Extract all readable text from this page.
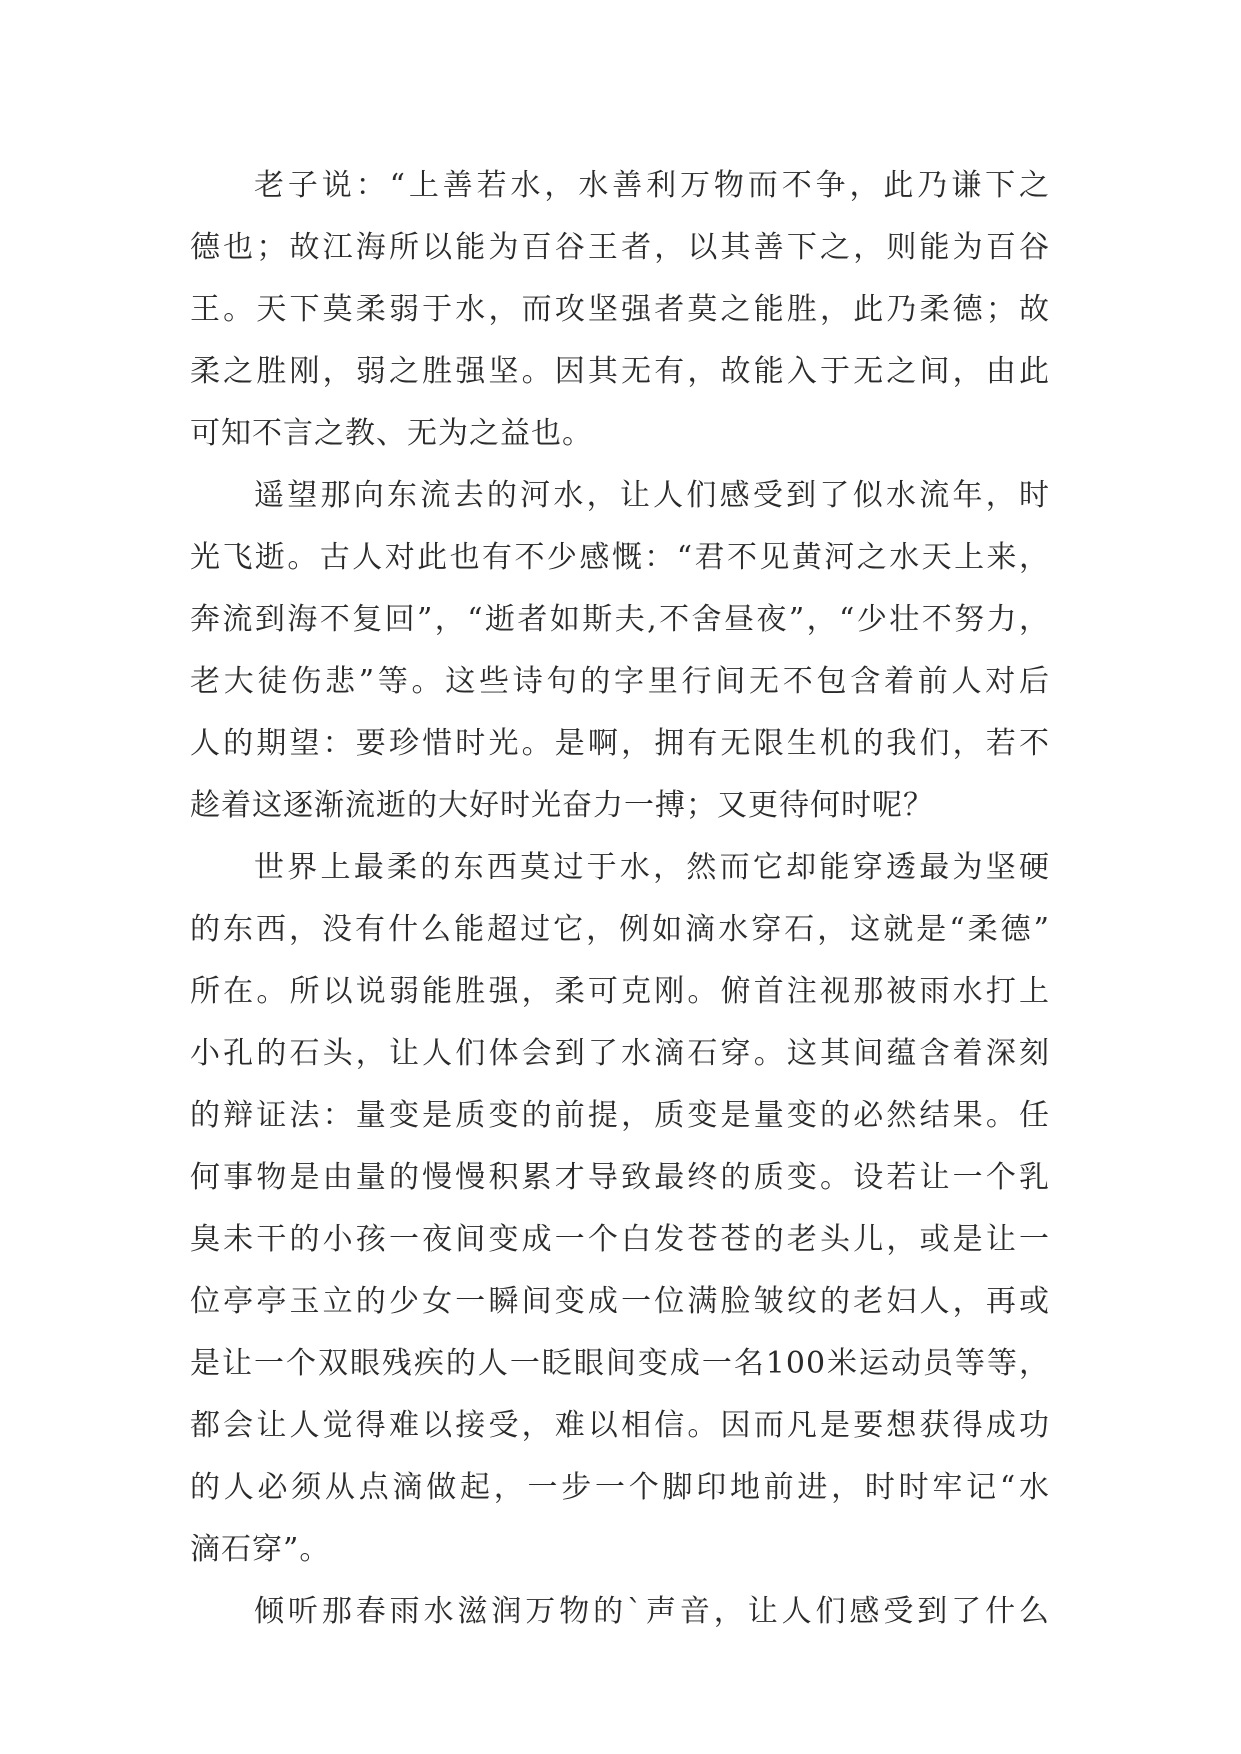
老子说：“上善若水，水善利万物而不争，此乃谦下之
德也；故江海所以能为百谷王者，以其善下之，则能为百谷
王。天下莫柔弱于水，而攻坚强者莫之能胜，此乃柔德；故
柔之胜刚，弱之胜强坚。因其无有，故能入于无之间，由此
可知不言之教、无为之益也。
遥望那向东流去的河水，让人们感受到了似水流年，时
光飞逝。古人对此也有不少感慨：“君不见黄河之水天上来，
奔流到海不复回”，“逝者如斯夫,不舍昼夜”，“少壮不努力，
老大徒伤悲”等。这些诗句的字里行间无不包含着前人对后
人的期望：要珍惜时光。是啊，拥有无限生机的我们，若不
趁着这逐渐流逝的大好时光奋力一搏；又更待何时呢？
世界上最柔的东西莫过于水，然而它却能穿透最为坚硬
的东西，没有什么能超过它，例如滴水穿石，这就是“柔德”
所在。所以说弱能胜强，柔可克刚。俯首注视那被雨水打上
小孔的石头，让人们体会到了水滴石穿。这其间蕴含着深刻
的辩证法：量变是质变的前提，质变是量变的必然结果。任
何事物是由量的慢慢积累才导致最终的质变。设若让一个乳
臭未干的小孩一夜间变成一个白发苍苍的老头儿，或是让一
位亭亭玉立的少女一瞬间变成一位满脸皱纹的老妇人，再或
是让一个双眼残疾的人一眨眼间变成一名100米运动员等等，
都会让人觉得难以接受，难以相信。因而凡是要想获得成功
的人必须从点滴做起，一步一个脚印地前进，时时牢记“水
滴石穿”。
倾听那春雨水滋润万物的`声音，让人们感受到了什么
